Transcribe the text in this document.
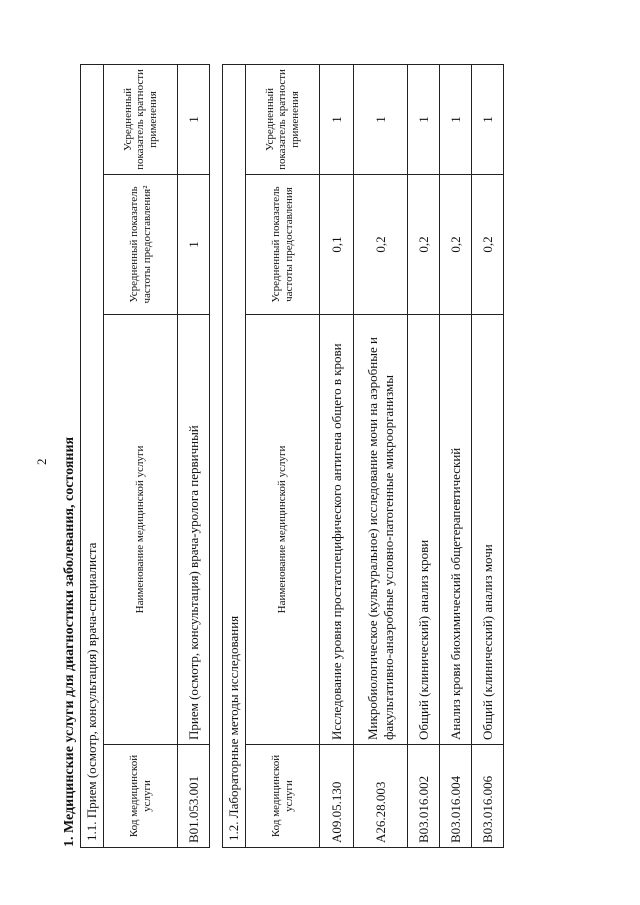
2 1. Медицинские услуги для диагностики заболевания, состояния 1.1. Прием (осмотр, консультация) врача-специалиста			
Код медицинской услуги	Наименование медицинской услуги	Усредненный показатель частоты предоставления²	Усредненный показатель кратности применения
B01.053.001	Прием (осмотр, консультация) врача-уролога первичный	1	1
1.2. Лабораторные методы исследования			
Код медицинской услуги	Наименование медицинской услуги	Усредненный показатель частоты предоставления	Усредненный показатель кратности применения
A09.05.130	Исследование уровня простатспецифического антигена общего в крови	0,1	1
A26.28.003	Микробиологическое (культуральное) исследование мочи на аэробные и факультативно-анаэробные условно-патогенные микроорганизмы	0,2	1
B03.016.002	Общий (клинический) анализ крови	0,2	1
B03.016.004	Анализ крови биохимический общетерапевтический	0,2	1
B03.016.006	Общий (клинический) анализ мочи	0,2	1
